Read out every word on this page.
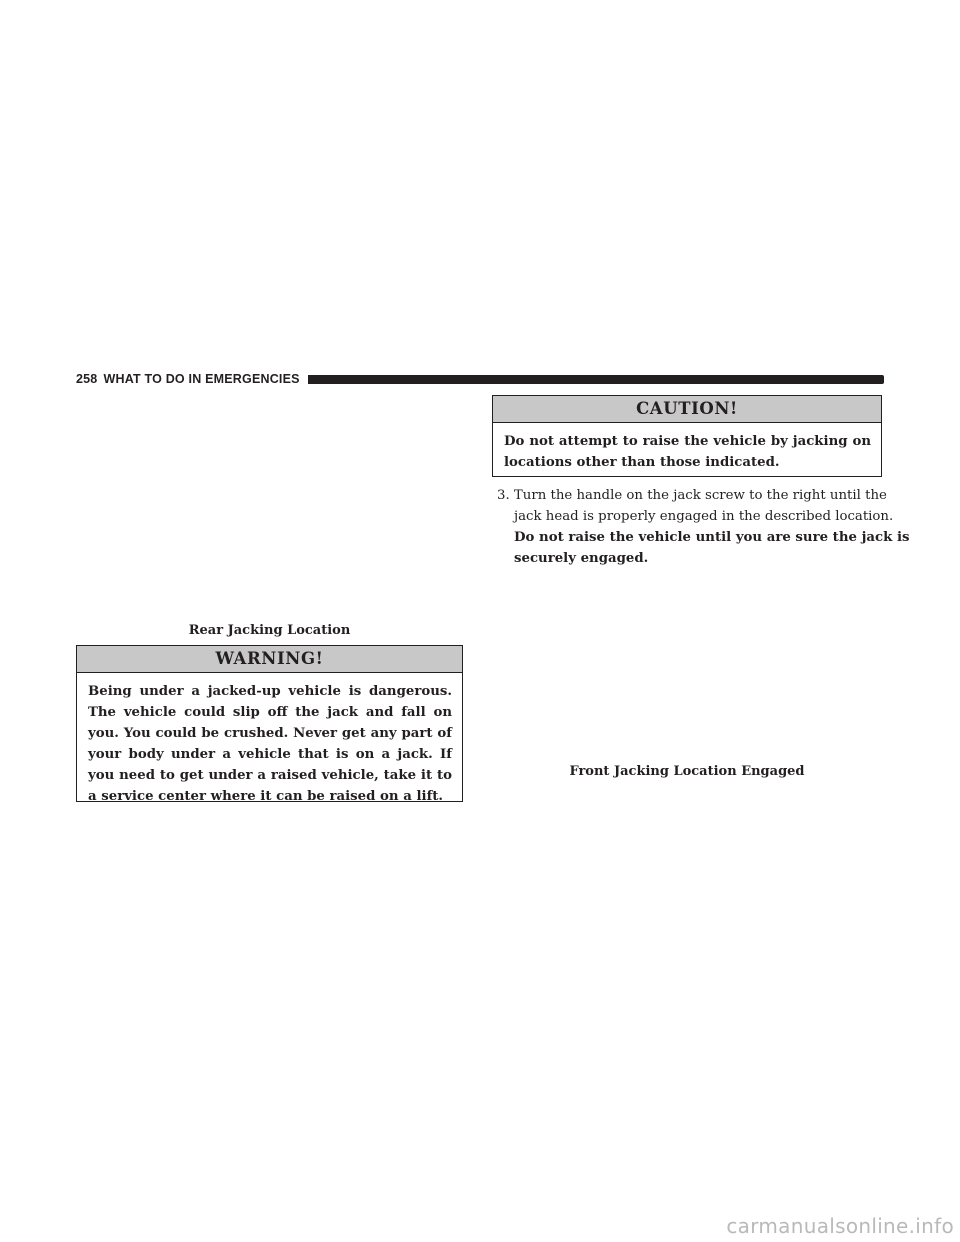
258 WHAT TO DO IN EMERGENCIES
CAUTION!
Do not attempt to raise the vehicle by jacking on locations other than those indicated.
3. Turn the handle on the jack screw to the right until the
jack head is properly engaged in the described location.
Do not raise the vehicle until you are sure the jack is
securely engaged.
Rear Jacking Location
WARNING!
Being under a jacked-up vehicle is dangerous. The vehicle could slip off the jack and fall on you. You could be crushed. Never get any part of your body under a vehicle that is on a jack. If you need to get under a raised vehicle, take it to a service center where it can be raised on a lift.
Front Jacking Location Engaged
carmanualsonline.info
